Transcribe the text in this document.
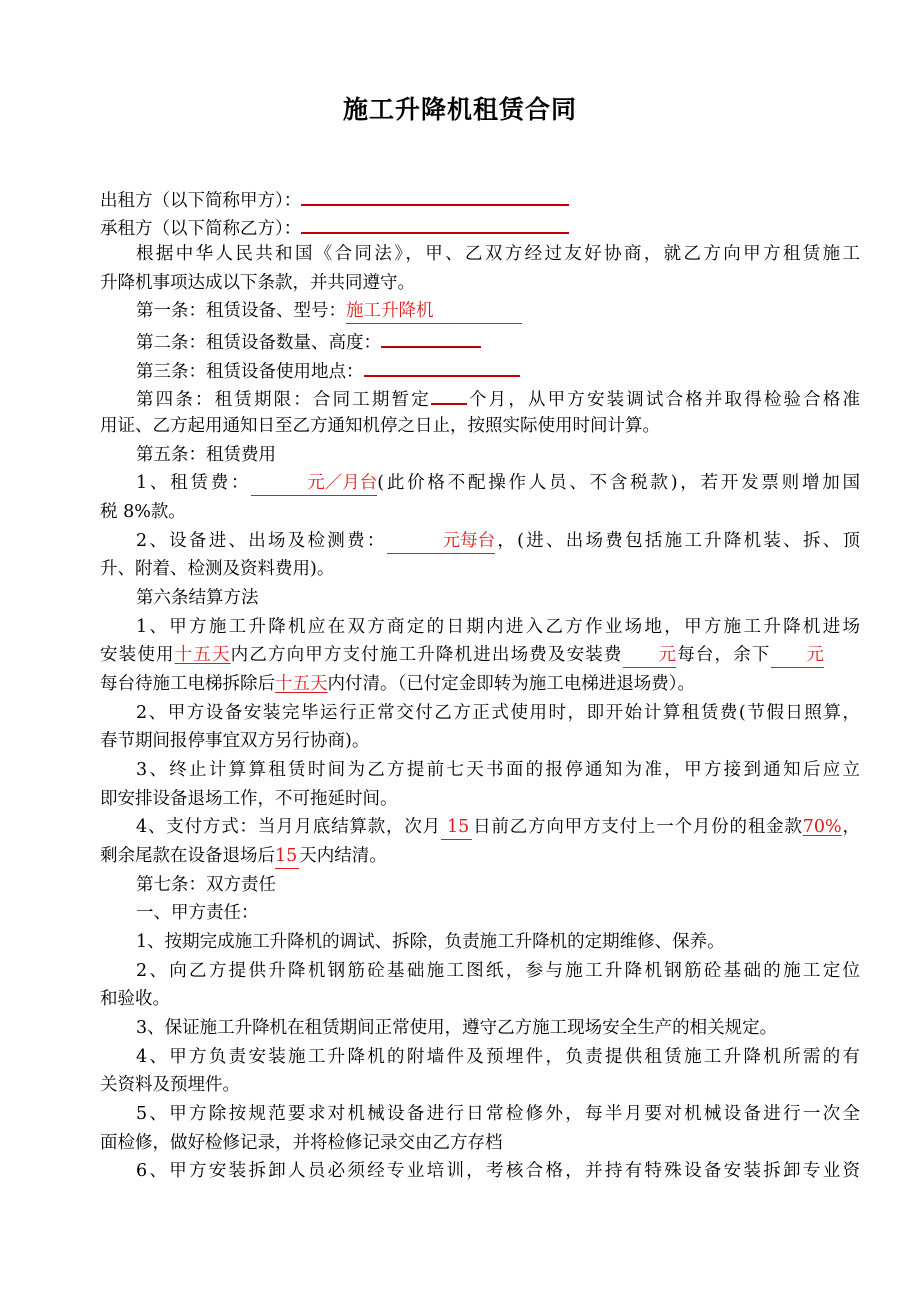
施工升降机租赁合同
出租方（以下简称甲方）：
承租方（以下简称乙方）：
根据中华人民共和国《合同法》，甲、乙双方经过友好协商，就乙方向甲方租赁施工
升降机事项达成以下条款，并共同遵守。
第一条：租赁设备、型号：施工升降机
第二条：租赁设备数量、高度：
第三条：租赁设备使用地点：
第四条：租赁期限：合同工期暂定 个月，从甲方安装调试合格并取得检验合格准
用证、乙方起用通知日至乙方通知机停之日止，按照实际使用时间计算。
第五条：租赁费用
1、租赁费：	元／月台(此价格不配操作人员、不含税款)，若开发票则增加国
税 8%款。
2、设备进、出场及检测费：	元每台，(进、出场费包括施工升降机装、拆、顶
升、附着、检测及资料费用)。
第六条结算方法
1、甲方施工升降机应在双方商定的日期内进入乙方作业场地，甲方施工升降机进场
安装使用十五天内乙方向甲方支付施工升降机进出场费及安装费 元每台，余下 元
每台待施工电梯拆除后十五天内付清。（已付定金即转为施工电梯进退场费）。
2、甲方设备安装完毕运行正常交付乙方正式使用时，即开始计算租赁费(节假日照算，
春节期间报停事宜双方另行协商)。
3、终止计算算租赁时间为乙方提前七天书面的报停通知为准，甲方接到通知后应立
即安排设备退场工作，不可拖延时间。
4、支付方式：当月月底结算款，次月 15 日前乙方向甲方支付上一个月份的租金款70%，
剩余尾款在设备退场后15 天内结清。
第七条：双方责任
一、甲方责任：
1、按期完成施工升降机的调试、拆除，负责施工升降机的定期维修、保养。
2、向乙方提供升降机钢筋砼基础施工图纸，参与施工升降机钢筋砼基础的施工定位
和验收。
3、保证施工升降机在租赁期间正常使用，遵守乙方施工现场安全生产的相关规定。
4、甲方负责安装施工升降机的附墙件及预埋件，负责提供租赁施工升降机所需的有
关资料及预埋件。
5、甲方除按规范要求对机械设备进行日常检修外，每半月要对机械设备进行一次全
面检修，做好检修记录，并将检修记录交由乙方存档
6、甲方安装拆卸人员必须经专业培训，考核合格，并持有特殊设备安装拆卸专业资
